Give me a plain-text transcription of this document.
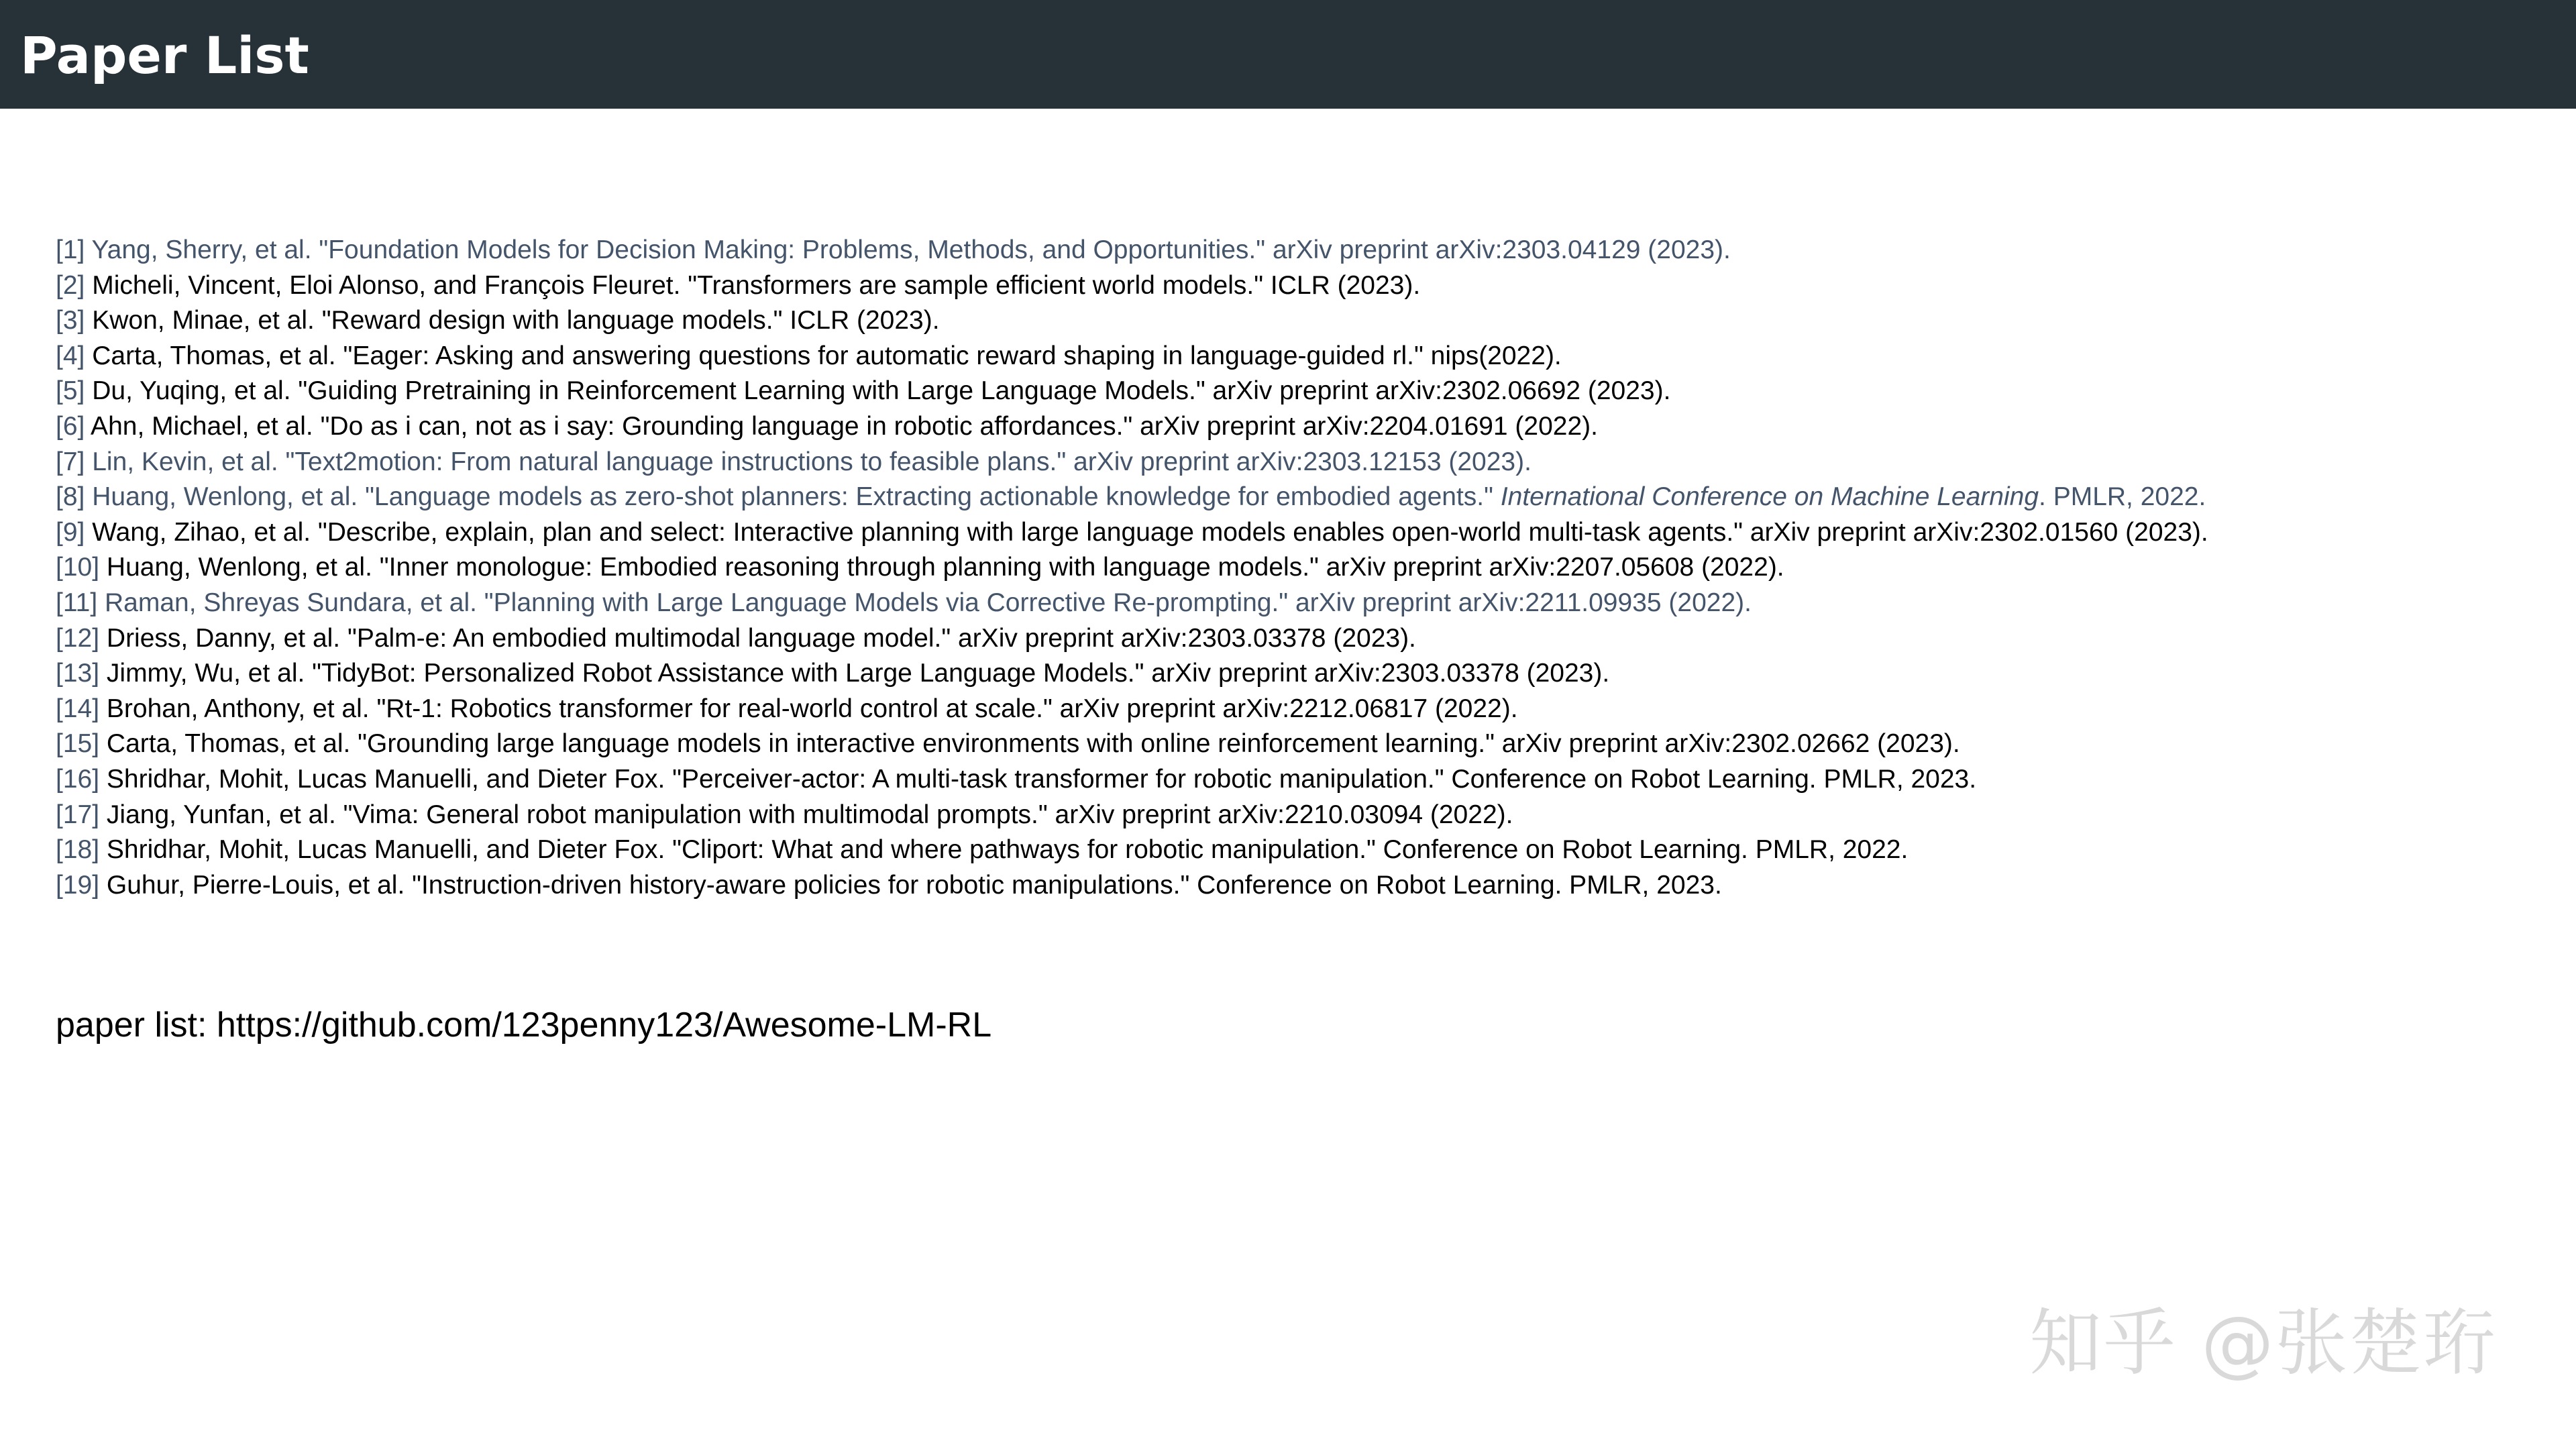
Paper List
[1] Yang, Sherry, et al. "Foundation Models for Decision Making: Problems, Methods, and Opportunities." arXiv preprint arXiv:2303.04129 (2023).
[2] Micheli, Vincent, Eloi Alonso, and François Fleuret. "Transformers are sample efficient world models." ICLR (2023).
[3] Kwon, Minae, et al. "Reward design with language models." ICLR (2023).
[4] Carta, Thomas, et al. "Eager: Asking and answering questions for automatic reward shaping in language-guided rl." nips(2022).
[5] Du, Yuqing, et al. "Guiding Pretraining in Reinforcement Learning with Large Language Models." arXiv preprint arXiv:2302.06692 (2023).
[6] Ahn, Michael, et al. "Do as i can, not as i say: Grounding language in robotic affordances." arXiv preprint arXiv:2204.01691 (2022).
[7] Lin, Kevin, et al. "Text2motion: From natural language instructions to feasible plans." arXiv preprint arXiv:2303.12153 (2023).
[8] Huang, Wenlong, et al. "Language models as zero-shot planners: Extracting actionable knowledge for embodied agents." International Conference on Machine Learning. PMLR, 2022.
[9] Wang, Zihao, et al. "Describe, explain, plan and select: Interactive planning with large language models enables open-world multi-task agents." arXiv preprint arXiv:2302.01560 (2023).
[10] Huang, Wenlong, et al. "Inner monologue: Embodied reasoning through planning with language models." arXiv preprint arXiv:2207.05608 (2022).
[11] Raman, Shreyas Sundara, et al. "Planning with Large Language Models via Corrective Re-prompting." arXiv preprint arXiv:2211.09935 (2022).
[12] Driess, Danny, et al. "Palm-e: An embodied multimodal language model." arXiv preprint arXiv:2303.03378 (2023).
[13] Jimmy, Wu, et al. "TidyBot: Personalized Robot Assistance with Large Language Models." arXiv preprint arXiv:2303.03378 (2023).
[14] Brohan, Anthony, et al. "Rt-1: Robotics transformer for real-world control at scale." arXiv preprint arXiv:2212.06817 (2022).
[15] Carta, Thomas, et al. "Grounding large language models in interactive environments with online reinforcement learning." arXiv preprint arXiv:2302.02662 (2023).
[16] Shridhar, Mohit, Lucas Manuelli, and Dieter Fox. "Perceiver-actor: A multi-task transformer for robotic manipulation." Conference on Robot Learning. PMLR, 2023.
[17] Jiang, Yunfan, et al. "Vima: General robot manipulation with multimodal prompts." arXiv preprint arXiv:2210.03094 (2022).
[18] Shridhar, Mohit, Lucas Manuelli, and Dieter Fox. "Cliport: What and where pathways for robotic manipulation." Conference on Robot Learning. PMLR, 2022.
[19] Guhur, Pierre-Louis, et al. "Instruction-driven history-aware policies for robotic manipulations." Conference on Robot Learning. PMLR, 2023.
paper list: https://github.com/123penny123/Awesome-LM-RL
知乎 @张楚珩
